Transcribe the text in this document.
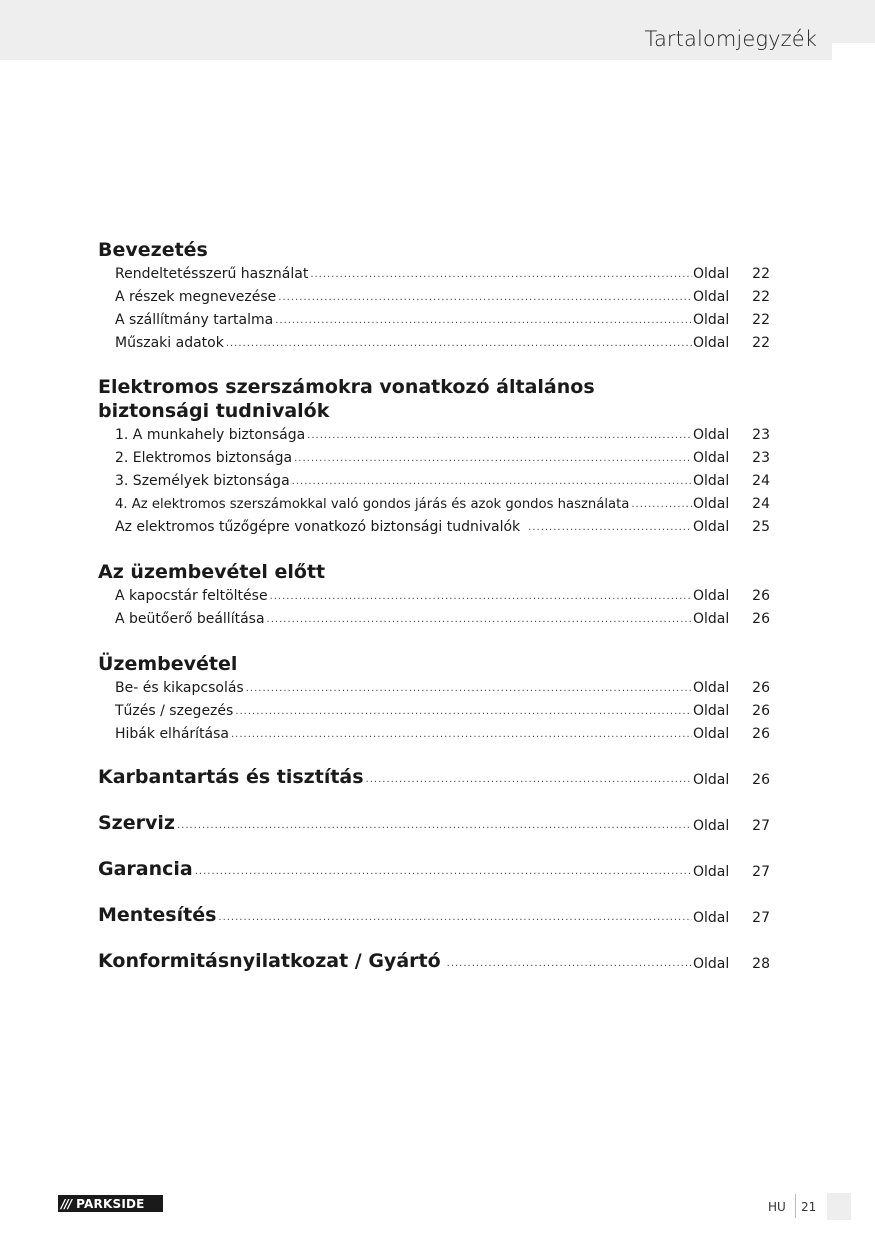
Tartalomjegyzék
Bevezetés
Rendeltetésszerű használat .....	Oldal	22
A részek megnevezése .....	Oldal	22
A szállítmány tartalma .....	Oldal	22
Műszaki adatok .....	Oldal	22
Elektromos szerszámokra vonatkozó általános
biztonsági tudnivalók
1. A munkahely biztonsága .....	Oldal	23
2. Elektromos biztonsága .....	Oldal	23
3. Személyek biztonsága .....	Oldal	24
4. Az elektromos szerszámokkal való gondos járás és azok gondos használata .....	Oldal	24
Az elektromos tűzőgépre vonatkozó biztonsági tudnivalók .....	Oldal	25
Az üzembevétel előtt
A kapocstár feltöltése .....	Oldal	26
A beütőerő beállítása .....	Oldal	26
Üzembevétel
Be- és kikapcsolás .....	Oldal	26
Tűzés / szegezés .....	Oldal	26
Hibák elhárítása .....	Oldal	26
Karbantartás és tisztítás .....	Oldal	26
Szerviz .....	Oldal	27
Garancia .....	Oldal	27
Mentesítés .....	Oldal	27
Konformitásnyilatkozat / Gyártó .....	Oldal	28
/// PARKSIDE	HU 21
